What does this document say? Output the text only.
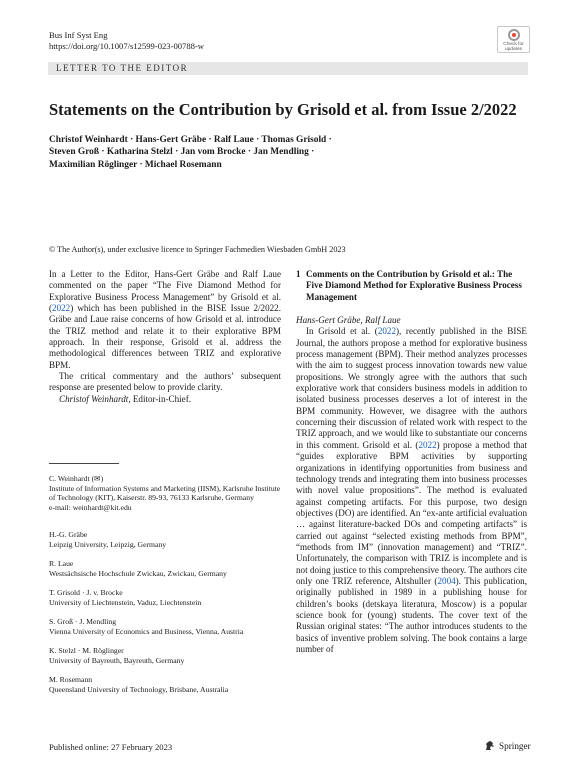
Bus Inf Syst Eng
https://doi.org/10.1007/s12599-023-00788-w	Check for
updates
LETTER TO THE EDITOR
Statements on the Contribution by Grisold et al. from Issue 2/2022
Christof Weinhardt · Hans-Gert Gräbe · Ralf Laue · Thomas Grisold ·
Steven Groß · Katharina Stelzl · Jan vom Brocke · Jan Mendling ·
Maximilian Röglinger · Michael Rosemann
© The Author(s), under exclusive licence to Springer Fachmedien Wiesbaden GmbH 2023

In a Letter to the Editor, Hans-Gert Gräbe and Ralf Laue commented on the paper “The Five Diamond Method for Explorative Business Process Management” by Grisold et al. (2022) which has been published in the BISE Issue 2/2022. Gräbe and Laue raise concerns of how Grisold et al. introduce the TRIZ method and relate it to their explorative BPM approach. In their response, Grisold et al. address the methodological differences between TRIZ and explorative BPM.

The critical commentary and the authors’ subsequent response are presented below to provide clarity.

Christof Weinhardt, Editor-in-Chief.

C. Weinhardt (✉)
Institute of Information Systems and Marketing (IISM), Karlsruhe Institute of Technology (KIT), Kaiserstr. 89-93, 76133 Karlsruhe, Germany
e-mail: weinhardt@kit.edu
H.-G. Gräbe
Leipzig University, Leipzig, Germany
R. Laue
Westsächsische Hochschule Zwickau, Zwickau, Germany
T. Grisold · J. v. Brocke
University of Liechtenstein, Vaduz, Liechtenstein
S. Groß · J. Mendling
Vienna University of Economics and Business, Vienna, Austria
K. Stelzl · M. Röglinger
University of Bayreuth, Bayreuth, Germany
M. Rosemann
Queensland University of Technology, Brisbane, Australia
1 Comments on the Contribution by Grisold et al.: The Five Diamond Method for Explorative Business Process Management

Hans-Gert Gräbe, Ralf Laue

In Grisold et al. (2022), recently published in the BISE Journal, the authors propose a method for explorative business process management (BPM). Their method analyzes processes with the aim to suggest process innovation towards new value propositions. We strongly agree with the authors that such explorative work that considers business models in addition to isolated business processes deserves a lot of interest in the BPM community. However, we disagree with the authors concerning their discussion of related work with respect to the TRIZ approach, and we would like to substantiate our concerns in this comment. Grisold et al. (2022) propose a method that “guides explorative BPM activities by supporting organizations in identifying opportunities from business and technology trends and integrating them into business processes with novel value propositions”. The method is evaluated against competing artifacts. For this purpose, two design objectives (DO) are identified. An “ex-ante artificial evaluation … against literature-backed DOs and competing artifacts” is carried out against “selected existing methods from BPM”, “methods from IM” (innovation management) and “TRIZ”. Unfortunately, the comparison with TRIZ is incomplete and is not doing justice to this comprehensive theory. The authors cite only one TRIZ reference, Altshuller (2004). This publication, originally published in 1989 in a publishing house for children’s books (detskaya literatura, Moscow) is a popular science book for (young) students. The cover text of the Russian original states: “The author introduces students to the basics of inventive problem solving. The book contains a large number of

Published online: 27 February 2023	Springer
